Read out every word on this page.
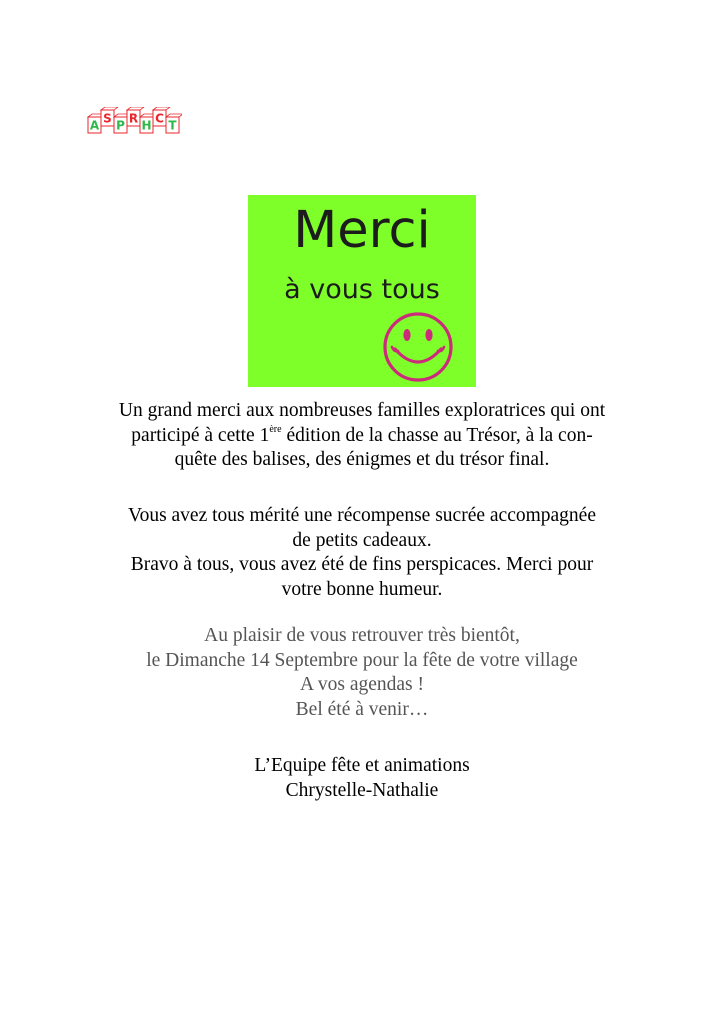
A S P R H C T
Merci
à vous tous

Un grand merci aux nombreuses familles exploratrices qui ont
participé à cette 1ère édition de la chasse au Trésor, à la con-
quête des balises, des énigmes et du trésor final.

Vous avez tous mérité une récompense sucrée accompagnée
de petits cadeaux.
Bravo à tous, vous avez été de fins perspicaces. Merci pour
votre bonne humeur.

Au plaisir de vous retrouver très bientôt,
le Dimanche 14 Septembre pour la fête de votre village
A vos agendas !
Bel été à venir…

L’Equipe fête et animations
Chrystelle-Nathalie
